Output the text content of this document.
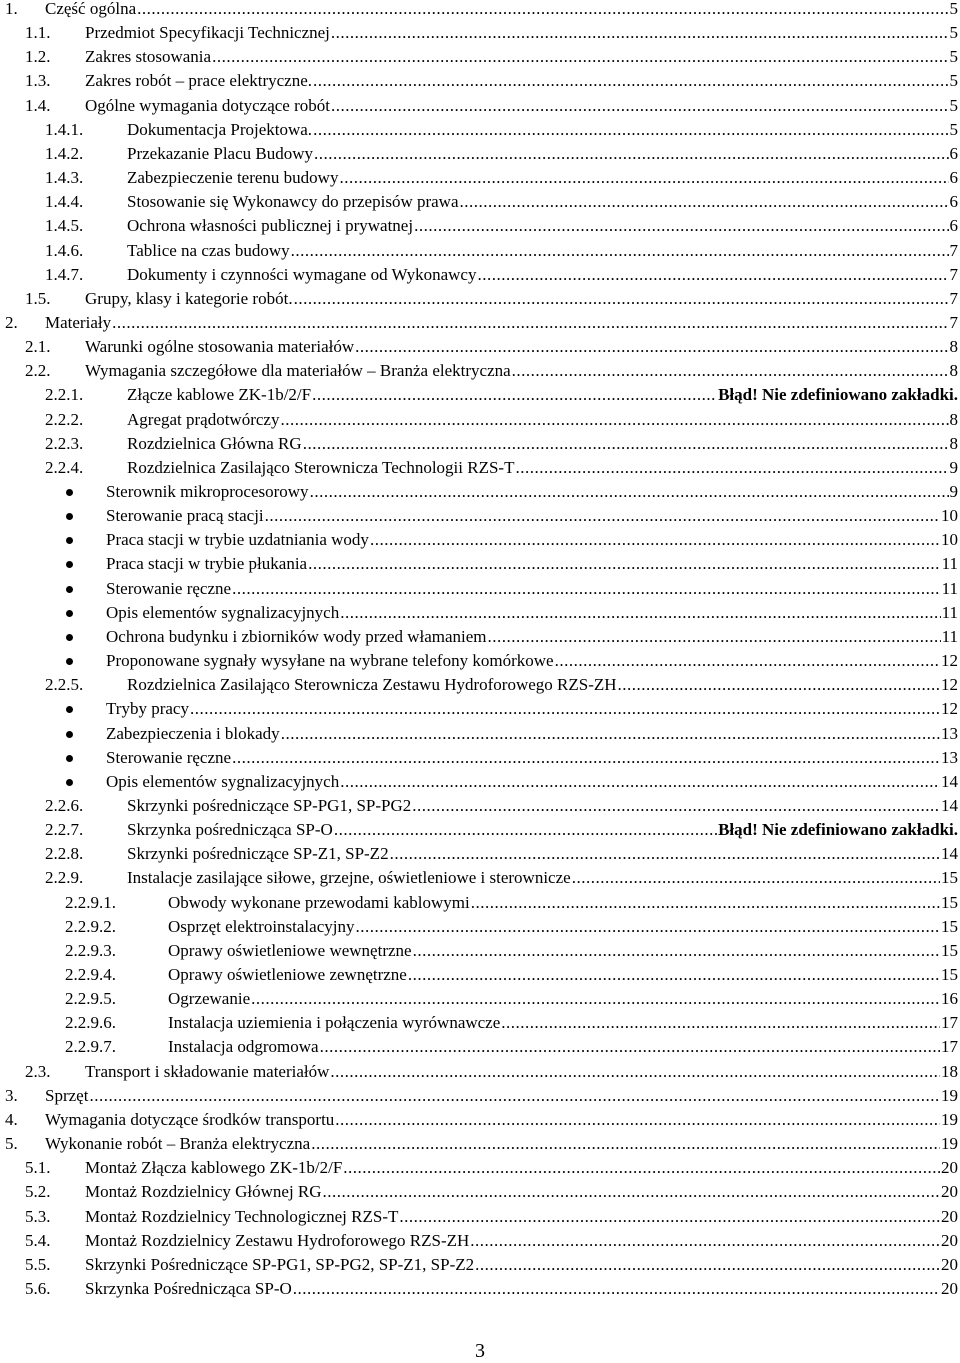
1. Część ogólna .....	5
1.1. Przedmiot Specyfikacji Technicznej .....	5
1.2. Zakres stosowania .....	5
1.3. Zakres robót – prace elektryczne. .....	5
1.4. Ogólne wymagania dotyczące robót .....	5
1.4.1.	Dokumentacja Projektowa. .....	5
1.4.2.	Przekazanie Placu Budowy .....	6
1.4.3.	Zabezpieczenie terenu budowy .....	6
1.4.4.	Stosowanie się Wykonawcy do przepisów prawa .....	6
1.4.5.	Ochrona własności publicznej i prywatnej .....	6
1.4.6.	Tablice na czas budowy .....	7
1.4.7.	Dokumenty i czynności wymagane od Wykonawcy .....	7
1.5. Grupy, klasy i kategorie robót. .....	7
2. Materiały .....	7
2.1. Warunki ogólne stosowania materiałów .....	8
2.2. Wymagania szczegółowe dla materiałów – Branża elektryczna .....	8
2.2.1.	Złącze kablowe ZK-1b/2/F .....	Błąd! Nie zdefiniowano zakładki.
2.2.2.	Agregat prądotwórczy .....	8
2.2.3.	Rozdzielnica Główna RG .....	8
2.2.4.	Rozdzielnica Zasilająco Sterownicza Technologii RZS-T .....	9
Sterownik mikroprocesorowy .....	9
Sterowanie pracą stacji .....	10
Praca stacji w trybie uzdatniania wody .....	10
Praca stacji w trybie płukania .....	11
Sterowanie ręczne .....	11
Opis elementów sygnalizacyjnych .....	11
Ochrona budynku i zbiorników wody przed włamaniem .....	11
Proponowane sygnały wysyłane na wybrane telefony komórkowe .....	12
2.2.5.	Rozdzielnica Zasilająco Sterownicza Zestawu Hydroforowego RZS-ZH .....	12
Tryby pracy .....	12
Zabezpieczenia i blokady .....	13
Sterowanie ręczne .....	13
Opis elementów sygnalizacyjnych .....	14
2.2.6.	Skrzynki pośredniczące SP-PG1, SP-PG2 .....	14
2.2.7.	Skrzynka pośrednicząca SP-O .....	Błąd! Nie zdefiniowano zakładki.
2.2.8.	Skrzynki pośredniczące SP-Z1, SP-Z2 .....	14
2.2.9.	Instalacje zasilające siłowe, grzejne, oświetleniowe i sterownicze .....	15
2.2.9.1.	Obwody wykonane przewodami kablowymi .....	15
2.2.9.2.	Osprzęt elektroinstalacyjny .....	15
2.2.9.3.	Oprawy oświetleniowe wewnętrzne .....	15
2.2.9.4.	Oprawy oświetleniowe zewnętrzne .....	15
2.2.9.5.	Ogrzewanie .....	16
2.2.9.6.	Instalacja uziemienia i połączenia wyrównawcze .....	17
2.2.9.7.	Instalacja odgromowa .....	17
2.3. Transport i składowanie materiałów .....	18
3. Sprzęt .....	19
4. Wymagania dotyczące środków transportu .....	19
5. Wykonanie robót – Branża elektryczna .....	19
5.1. Montaż Złącza kablowego ZK-1b/2/F .....	20
5.2. Montaż Rozdzielnicy Głównej RG .....	20
5.3. Montaż Rozdzielnicy Technologicznej RZS-T .....	20
5.4. Montaż Rozdzielnicy Zestawu Hydroforowego RZS-ZH .....	20
5.5. Skrzynki Pośredniczące SP-PG1, SP-PG2, SP-Z1, SP-Z2 .....	20
5.6. Skrzynka Pośrednicząca SP-O .....	20
3
